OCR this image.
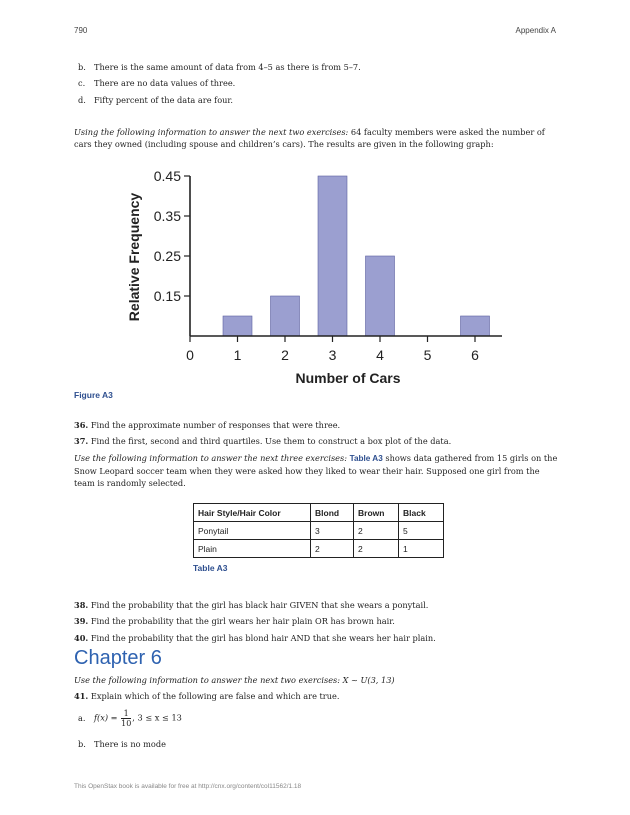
790	Appendix A
b. There is the same amount of data from 4–5 as there is from 5–7.
c. There are no data values of three.
d. Fifty percent of the data are four.
Using the following information to answer the next two exercises: 64 faculty members were asked the number of cars they owned (including spouse and children’s cars). The results are given in the following graph:
0.15
0.25
0.35
0.45
0	1	2	3	4	5	6
Number of Cars
Relative Frequency
Figure A3
36. Find the approximate number of responses that were three.
37. Find the first, second and third quartiles. Use them to construct a box plot of the data.
Use the following information to answer the next three exercises: Table A3 shows data gathered from 15 girls on the Snow Leopard soccer team when they were asked how they liked to wear their hair. Supposed one girl from the team is randomly selected.
Hair Style/Hair Color	Blond	Brown	Black
Ponytail	3	2	5
Plain	2	2	1
Table A3
38. Find the probability that the girl has black hair GIVEN that she wears a ponytail.
39. Find the probability that the girl wears her hair plain OR has brown hair.
40. Find the probability that the girl has blond hair AND that she wears her hair plain.
Chapter 6
Use the following information to answer the next two exercises: X ~ U(3, 13)
41. Explain which of the following are false and which are true.
a. $f(x) = \frac{1}{10}$ , 3 ≤ x ≤ 13
b. There is no mode
This OpenStax book is available for free at http://cnx.org/content/col11562/1.18
